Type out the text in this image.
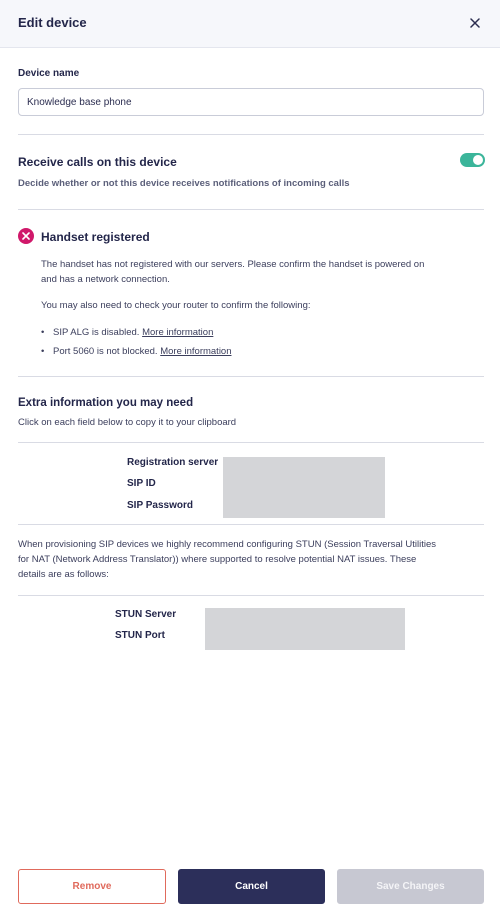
Edit device
Device name
Knowledge base phone
Receive calls on this device
Decide whether or not this device receives notifications of incoming calls
Handset registered
The handset has not registered with our servers. Please confirm the handset is powered on
and has a network connection.
You may also need to check your router to confirm the following:
• SIP ALG is disabled. More information
• Port 5060 is not blocked. More information
Extra information you may need
Click on each field below to copy it to your clipboard
Registration server
SIP ID
SIP Password
When provisioning SIP devices we highly recommend configuring STUN (Session Traversal Utilities
for NAT (Network Address Translator)) where supported to resolve potential NAT issues. These
details are as follows:
STUN Server
STUN Port
Remove	Cancel	Save Changes
